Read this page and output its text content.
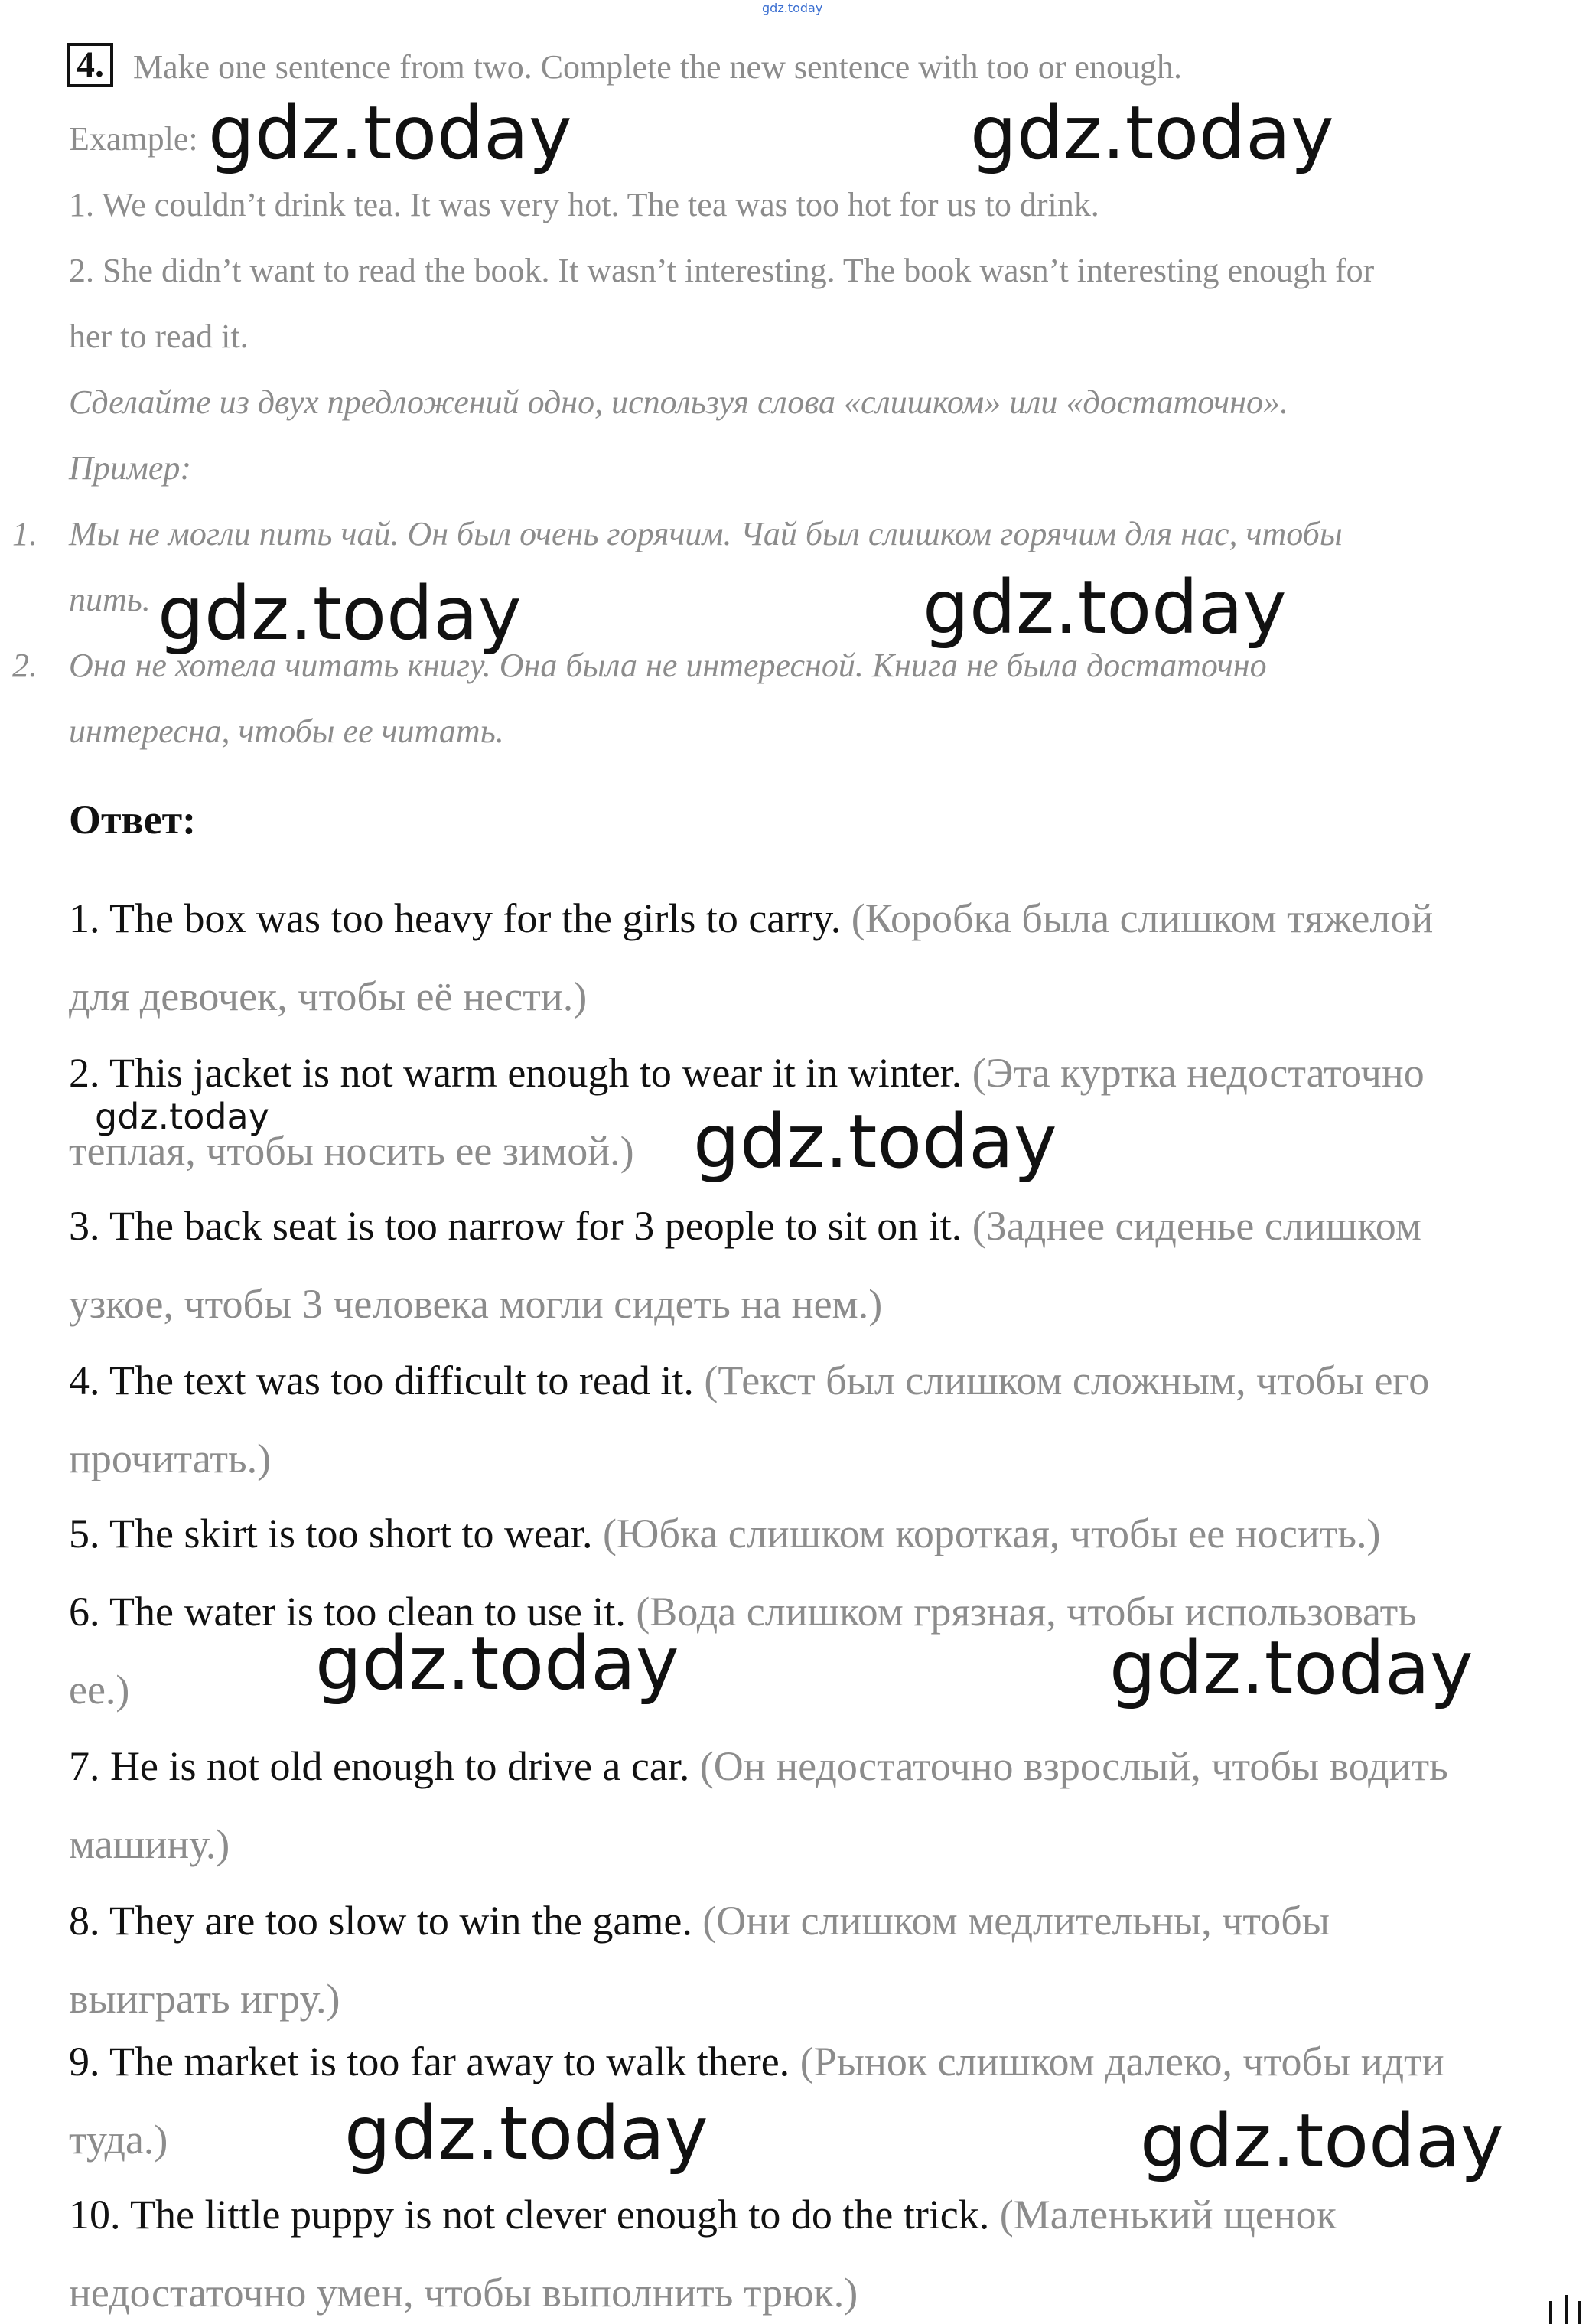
gdz.today
4. Make one sentence from two. Complete the new sentence with too or enough.
Example:
1. We couldn’t drink tea. It was very hot. The tea was too hot for us to drink.
2. She didn’t want to read the book. It wasn’t interesting. The book wasn’t interesting enough for
her to read it.
Сделайте из двух предложений одно, используя слова «слишком» или «достаточно».
Пример:
1. Мы не могли пить чай. Он был очень горячим. Чай был слишком горячим для нас, чтобы
пить.
2. Она не хотела читать книгу. Она была не интересной. Книга не была достаточно
интересна, чтобы ее читать.
Ответ:
1. The box was too heavy for the girls to carry. (Коробка была слишком тяжелой
для девочек, чтобы её нести.)
2. This jacket is not warm enough to wear it in winter. (Эта куртка недостаточно
теплая, чтобы носить ее зимой.)
3. The back seat is too narrow for 3 people to sit on it. (Заднее сиденье слишком
узкое, чтобы 3 человека могли сидеть на нем.)
4. The text was too difficult to read it. (Текст был слишком сложным, чтобы его
прочитать.)
5. The skirt is too short to wear. (Юбка слишком короткая, чтобы ее носить.)
6. The water is too clean to use it. (Вода слишком грязная, чтобы использовать
ее.)
7. He is not old enough to drive a car. (Он недостаточно взрослый, чтобы водить
машину.)
8. They are too slow to win the game. (Они слишком медлительны, чтобы
выиграть игру.)
9. The market is too far away to walk there. (Рынок слишком далеко, чтобы идти
туда.)
10. The little puppy is not clever enough to do the trick. (Маленький щенок
недостаточно умен, чтобы выполнить трюк.)
gdz.today	gdz.today
gdz.today	gdz.today
gdz.today	gdz.today
gdz.today	gdz.today
gdz.today	gdz.today
